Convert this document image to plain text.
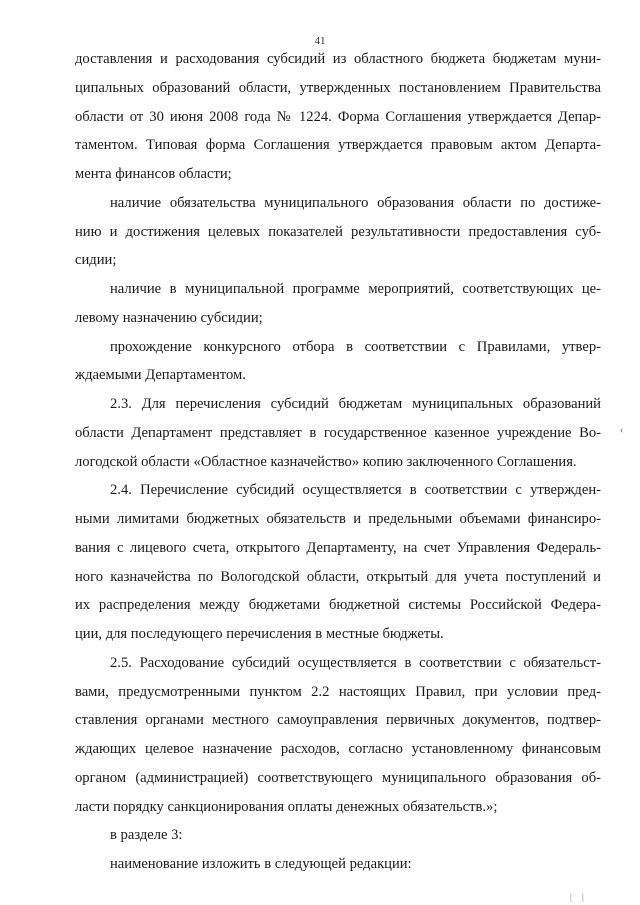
41
доставления и расходования субсидий из областного бюджета бюджетам муни-
ципальных образований области, утвержденных постановлением Правительства
области от 30 июня 2008 года № 1224. Форма Соглашения утверждается Депар-
таментом. Типовая форма Соглашения утверждается правовым актом Департа-
мента финансов области;
наличие обязательства муниципального образования области по достиже-
нию и достижения целевых показателей результативности предоставления суб-
сидии;
наличие в муниципальной программе мероприятий, соответствующих це-
левому назначению субсидии;
прохождение конкурсного отбора в соответствии с Правилами, утвер-
ждаемыми Департаментом.
2.3. Для перечисления субсидий бюджетам муниципальных образований
области Департамент представляет в государственное казенное учреждение Во-
логодской области «Областное казначейство» копию заключенного Соглашения.
2.4. Перечисление субсидий осуществляется в соответствии с утвержден-
ными лимитами бюджетных обязательств и предельными объемами финансиро-
вания с лицевого счета, открытого Департаменту, на счет Управления Федераль-
ного казначейства по Вологодской области, открытый для учета поступлений и
их распределения между бюджетами бюджетной системы Российской Федера-
ции, для последующего перечисления в местные бюджеты.
2.5. Расходование субсидий осуществляется в соответствии с обязательст-
вами, предусмотренными пунктом 2.2 настоящих Правил, при условии пред-
ставления органами местного самоуправления первичных документов, подтвер-
ждающих целевое назначение расходов, согласно установленному финансовым
органом (администрацией) соответствующего муниципального образования об-
ласти порядку санкционирования оплаты денежных обязательств.»;
в разделе 3:
наименование изложить в следующей редакции:
‹
| |
